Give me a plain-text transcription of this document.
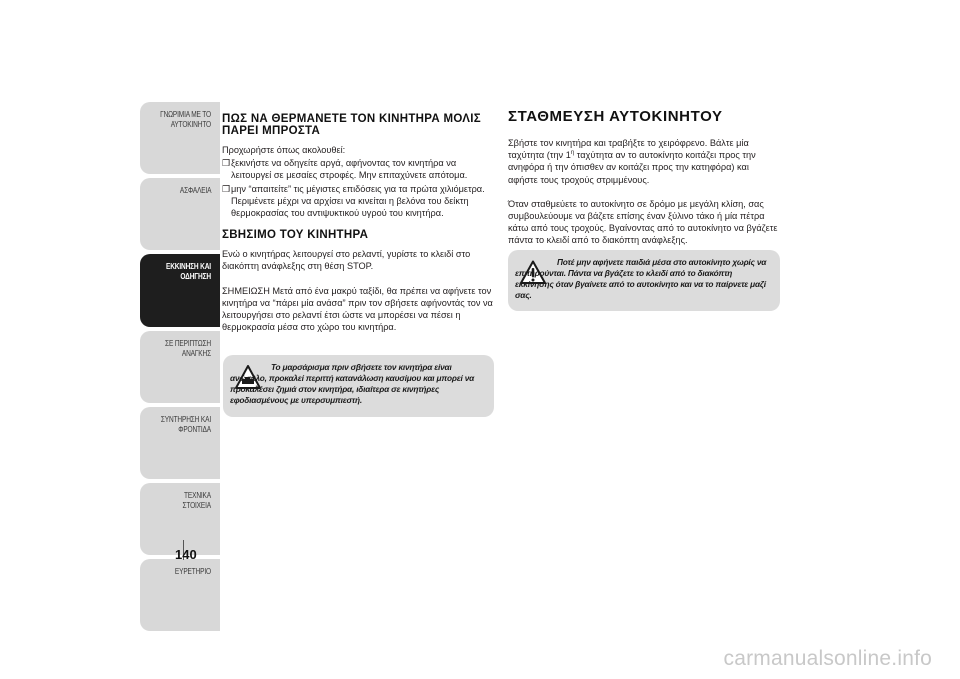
ΓΝΩΡΙΜΙΑ ΜΕ ΤΟ ΑΥΤΟΚΙΝΗΤΟ
ΑΣΦΑΛΕΙΑ
ΕΚΚΙΝΗΣΗ ΚΑΙ ΟΔΗΓΗΣΗ
ΣΕ ΠΕΡΙΠΤΩΣΗ ΑΝΑΓΚΗΣ
ΣΥΝΤΗΡΗΣΗ ΚΑΙ ΦΡΟΝΤΙΔΑ
ΤΕΧΝΙΚΑ ΣΤΟΙΧΕΙΑ
ΕΥΡΕΤΗΡΙΟ
140
ΠΩΣ ΝΑ ΘΕΡΜΑΝΕΤΕ ΤΟΝ ΚΙΝΗΤΗΡΑ ΜΟΛΙΣ ΠΑΡΕΙ ΜΠΡΟΣΤΑ

Προχωρήστε όπως ακολουθεί:

❒ ξεκινήστε να οδηγείτε αργά, αφήνοντας τον κινητήρα να λειτουργεί σε μεσαίες στροφές. Μην επιταχύνετε απότομα.
❒ μην “απαιτείτε” τις μέγιστες επιδόσεις για τα πρώτα χιλιόμετρα. Περιμένετε μέχρι να αρχίσει να κινείται η βελόνα του δείκτη θερμοκρασίας του αντιψυκτικού υγρού του κινητήρα.
ΣΒΗΣΙΜΟ ΤΟΥ ΚΙΝΗΤΗΡΑ

Ενώ ο κινητήρας λειτουργεί στο ρελαντί, γυρίστε το κλειδί στο διακόπτη ανάφλεξης στη θέση STOP.

ΣΗΜΕΙΩΣΗ Μετά από ένα μακρύ ταξίδι, θα πρέπει να αφήνετε τον κινητήρα να “πάρει μία ανάσα” πριν τον σβήσετε αφήνοντάς τον να λειτουργήσει στο ρελαντί έτσι ώστε να μπορέσει να πέσει η θερμοκρασία μέσα στο χώρο του κινητήρα.

Το μαρσάρισμα πριν σβήσετε τον κινητήρα είναι ανώφελο, προκαλεί περιττή κατανάλωση καυσίμου και μπορεί να προκαλέσει ζημιά στον κινητήρα, ιδιαίτερα σε κινητήρες εφοδιασμένους με υπερσυμπιεστή.
ΣΤΑΘΜΕΥΣΗ ΑΥΤΟΚΙΝΗΤΟΥ

Σβήστε τον κινητήρα και τραβήξτε το χειρόφρενο. Βάλτε μία ταχύτητα (την $1^\eta$ ταχύτητα αν το αυτοκίνητο κοιτάζει προς την ανηφόρα ή την όπισθεν αν κοιτάζει προς την κατηφόρα) και αφήστε τους τροχούς στριμμένους.

Όταν σταθμεύετε το αυτοκίνητο σε δρόμο με μεγάλη κλίση, σας συμβουλεύουμε να βάζετε επίσης έναν ξύλινο τάκο ή μία πέτρα κάτω από τους τροχούς. Βγαίνοντας από το αυτοκίνητο να βγάζετε πάντα το κλειδί από το διακόπτη ανάφλεξης.

Ποτέ μην αφήνετε παιδιά μέσα στο αυτοκίνητο χωρίς να επιτηρούνται. Πάντα να βγάζετε το κλειδί από το διακόπτη εκκίνησης όταν βγαίνετε από το αυτοκίνητο και να το παίρνετε μαζί σας.
carmanualsonline.info
